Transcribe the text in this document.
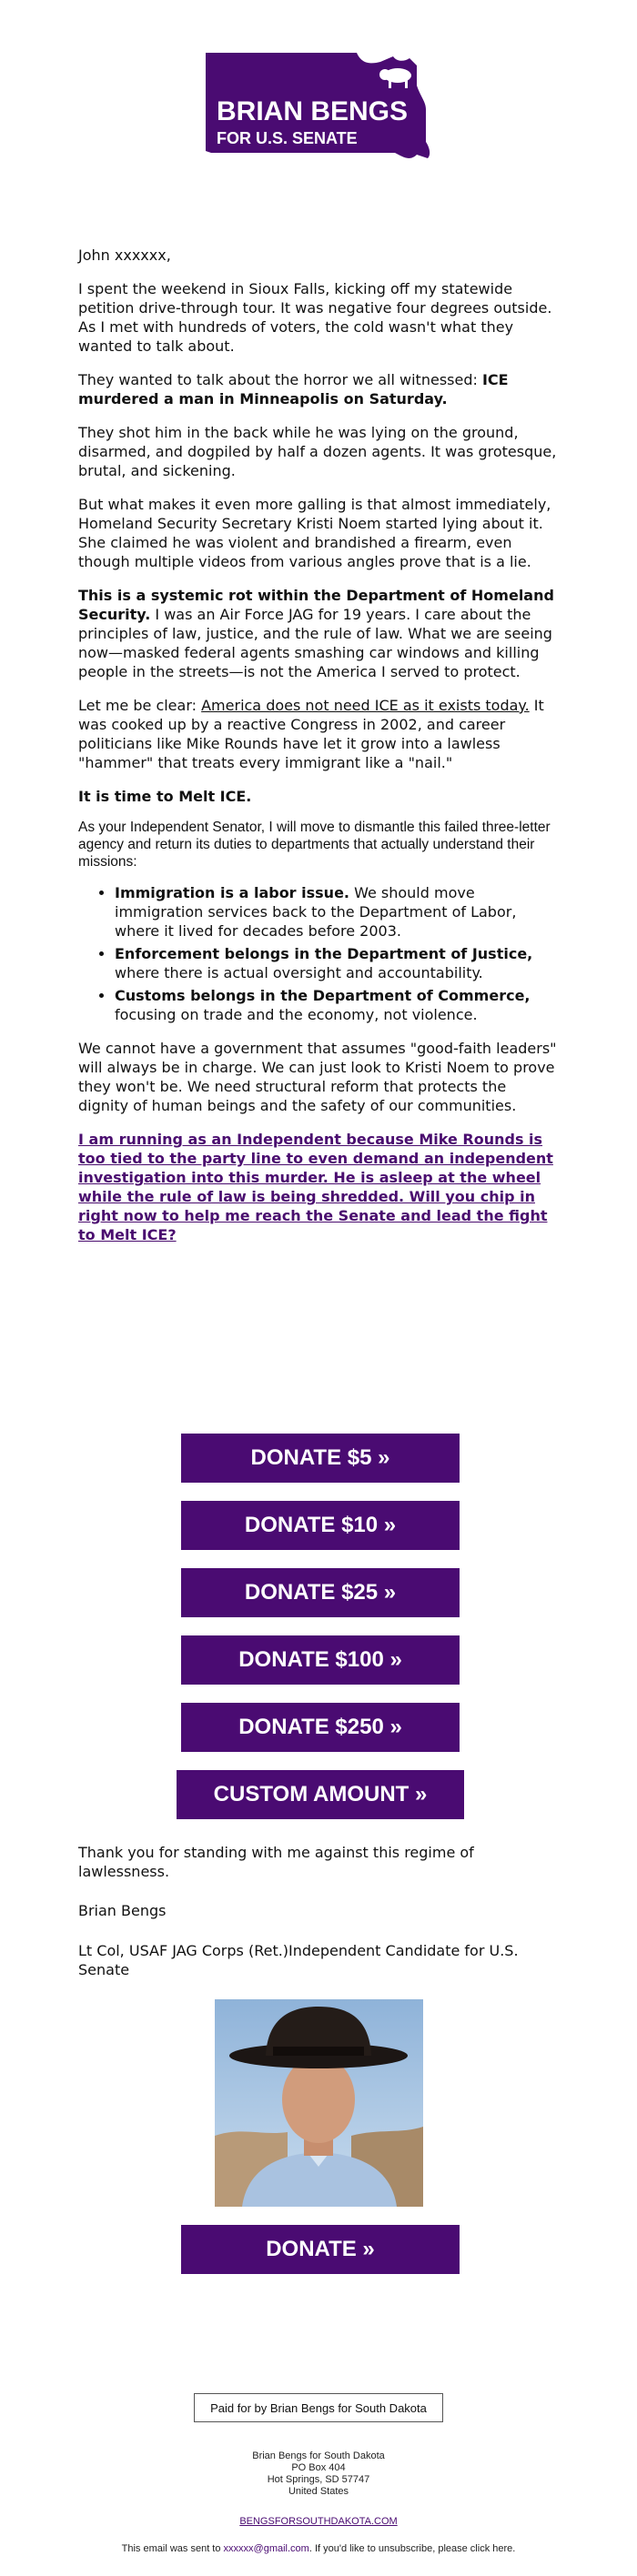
BRIAN BENGS
FOR U.S. SENATE

John xxxxxx,

I spent the weekend in Sioux Falls, kicking off my statewide petition drive-through tour. It was negative four degrees outside. As I met with hundreds of voters, the cold wasn't what they wanted to talk about.

They wanted to talk about the horror we all witnessed: ICE murdered a man in Minneapolis on Saturday.

They shot him in the back while he was lying on the ground, disarmed, and dogpiled by half a dozen agents. It was grotesque, brutal, and sickening.

But what makes it even more galling is that almost immediately, Homeland Security Secretary Kristi Noem started lying about it. She claimed he was violent and brandished a firearm, even though multiple videos from various angles prove that is a lie.

This is a systemic rot within the Department of Homeland Security. I was an Air Force JAG for 19 years. I care about the principles of law, justice, and the rule of law. What we are seeing now—masked federal agents smashing car windows and killing people in the streets—is not the America I served to protect.

Let me be clear: America does not need ICE as it exists today. It was cooked up by a reactive Congress in 2002, and career politicians like Mike Rounds have let it grow into a lawless "hammer" that treats every immigrant like a "nail."

It is time to Melt ICE.

As your Independent Senator, I will move to dismantle this failed three-letter agency and return its duties to departments that actually understand their missions:

• Immigration is a labor issue. We should move immigration services back to the Department of Labor, where it lived for decades before 2003.
• Enforcement belongs in the Department of Justice, where there is actual oversight and accountability.
• Customs belongs in the Department of Commerce, focusing on trade and the economy, not violence.

We cannot have a government that assumes "good-faith leaders" will always be in charge. We can just look to Kristi Noem to prove they won't be. We need structural reform that protects the dignity of human beings and the safety of our communities.

I am running as an Independent because Mike Rounds is too tied to the party line to even demand an independent investigation into this murder. He is asleep at the wheel while the rule of law is being shredded. Will you chip in right now to help me reach the Senate and lead the fight to Melt ICE?
DONATE $5 »
DONATE $10 »
DONATE $25 »
DONATE $100 »
DONATE $250 »
CUSTOM AMOUNT »
Thank you for standing with me against this regime of lawlessness.
Brian Bengs
Lt Col, USAF JAG Corps (Ret.)Independent Candidate for U.S. Senate
DONATE »
Paid for by Brian Bengs for South Dakota
Brian Bengs for South Dakota
PO Box 404
Hot Springs, SD 57747
United States
BENGSFORSOUTHDAKOTA.COM
This email was sent to xxxxxx@gmail.com. If you'd like to unsubscribe, please click here.
